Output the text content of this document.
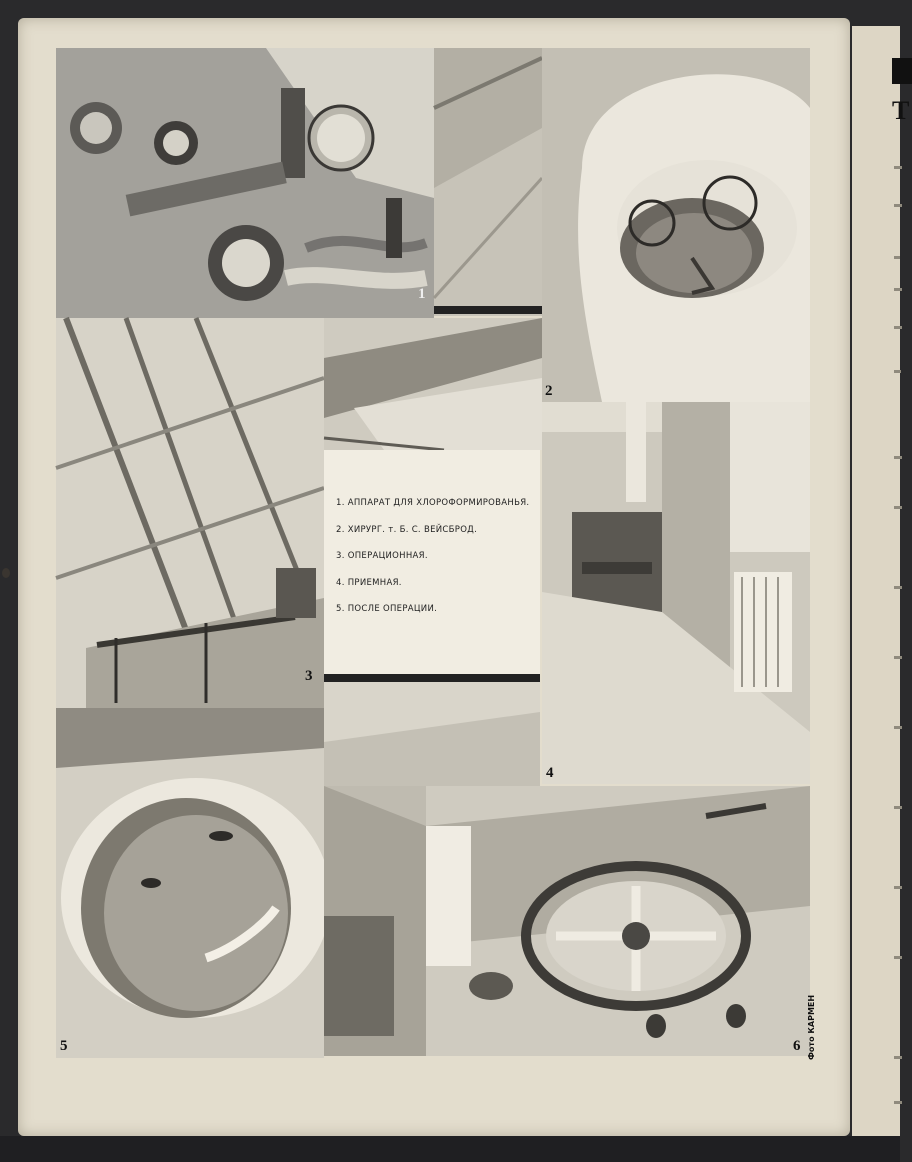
Т
1
2
3
1. АППАРАТ ДЛЯ ХЛОРОФОРМИРОВАНЬЯ.
2. ХИРУРГ. т. Б. С. ВЕЙСБРОД.
3. ОПЕРАЦИОННАЯ.
4. ПРИЕМНАЯ.
5. ПОСЛЕ ОПЕРАЦИИ.
4
5	6 Фото КАРМЕН
